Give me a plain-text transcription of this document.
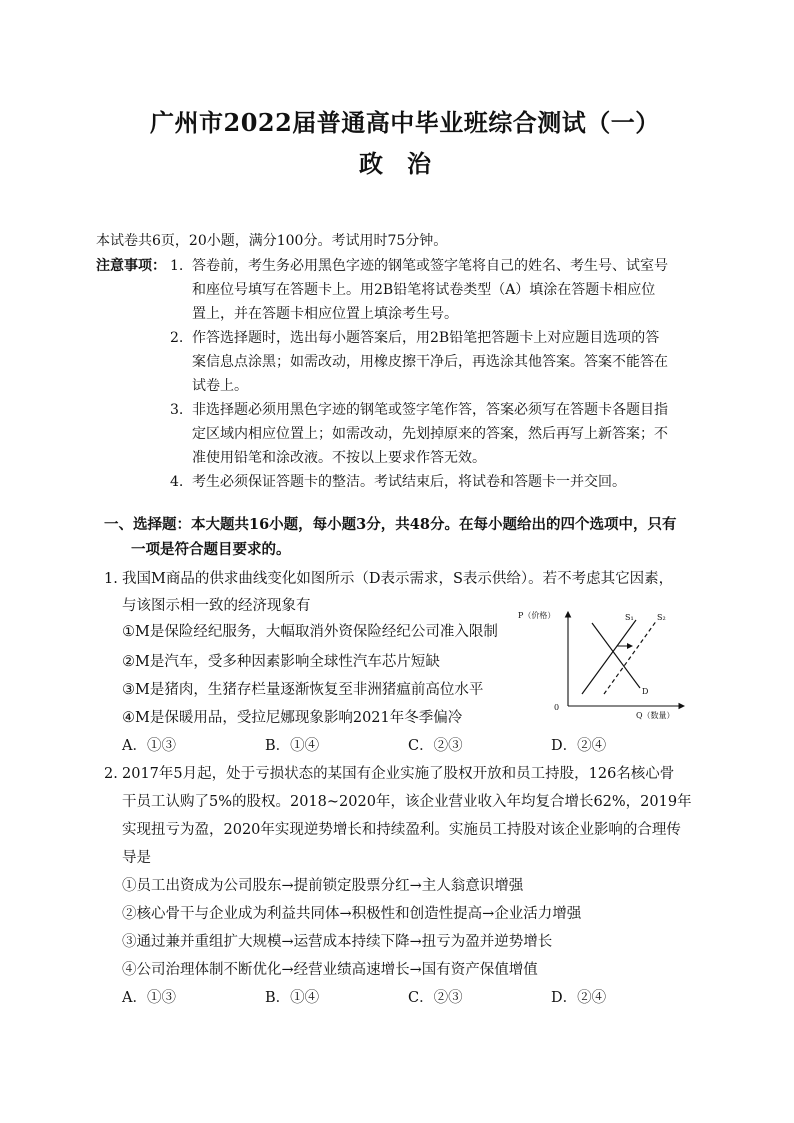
广州市2022届普通高中毕业班综合测试（一）
政　治
本试卷共6页，20小题，满分100分。考试用时75分钟。
注意事项： 1. 答卷前，考生务必用黑色字迹的钢笔或签字笔将自己的姓名、考生号、试室号
和座位号填写在答题卡上。用2B铅笔将试卷类型（A）填涂在答题卡相应位
置上，并在答题卡相应位置上填涂考生号。
2. 作答选择题时，选出每小题答案后，用2B铅笔把答题卡上对应题目选项的答
案信息点涂黑；如需改动，用橡皮擦干净后，再选涂其他答案。答案不能答在
试卷上。
3. 非选择题必须用黑色字迹的钢笔或签字笔作答，答案必须写在答题卡各题目指
定区域内相应位置上；如需改动，先划掉原来的答案，然后再写上新答案；不
准使用铅笔和涂改液。不按以上要求作答无效。
4. 考生必须保证答题卡的整洁。考试结束后，将试卷和答题卡一并交回。
一、选择题：本大题共16小题，每小题3分，共48分。在每小题给出的四个选项中，只有
一项是符合题目要求的。
1. 我国M商品的供求曲线变化如图所示（D表示需求，S表示供给）。若不考虑其它因素，
与该图示相一致的经济现象有
①M是保险经纪服务，大幅取消外资保险经纪公司准入限制
②M是汽车，受多种因素影响全球性汽车芯片短缺
③M是猪肉，生猪存栏量逐渐恢复至非洲猪瘟前高位水平
④M是保暖用品，受拉尼娜现象影响2021年冬季偏冷
A．①③	B．①④	C．②③	D．②④
P（价格）
Q（数量）
0
S₁	S₂
D
2. 2017年5月起，处于亏损状态的某国有企业实施了股权开放和员工持股，126名核心骨
干员工认购了5%的股权。2018~2020年，该企业营业收入年均复合增长62%，2019年
实现扭亏为盈，2020年实现逆势增长和持续盈利。实施员工持股对该企业影响的合理传
导是
①员工出资成为公司股东→提前锁定股票分红→主人翁意识增强
②核心骨干与企业成为利益共同体→积极性和创造性提高→企业活力增强
③通过兼并重组扩大规模→运营成本持续下降→扭亏为盈并逆势增长
④公司治理体制不断优化→经营业绩高速增长→国有资产保值增值
A．①③	B．①④	C．②③	D．②④
